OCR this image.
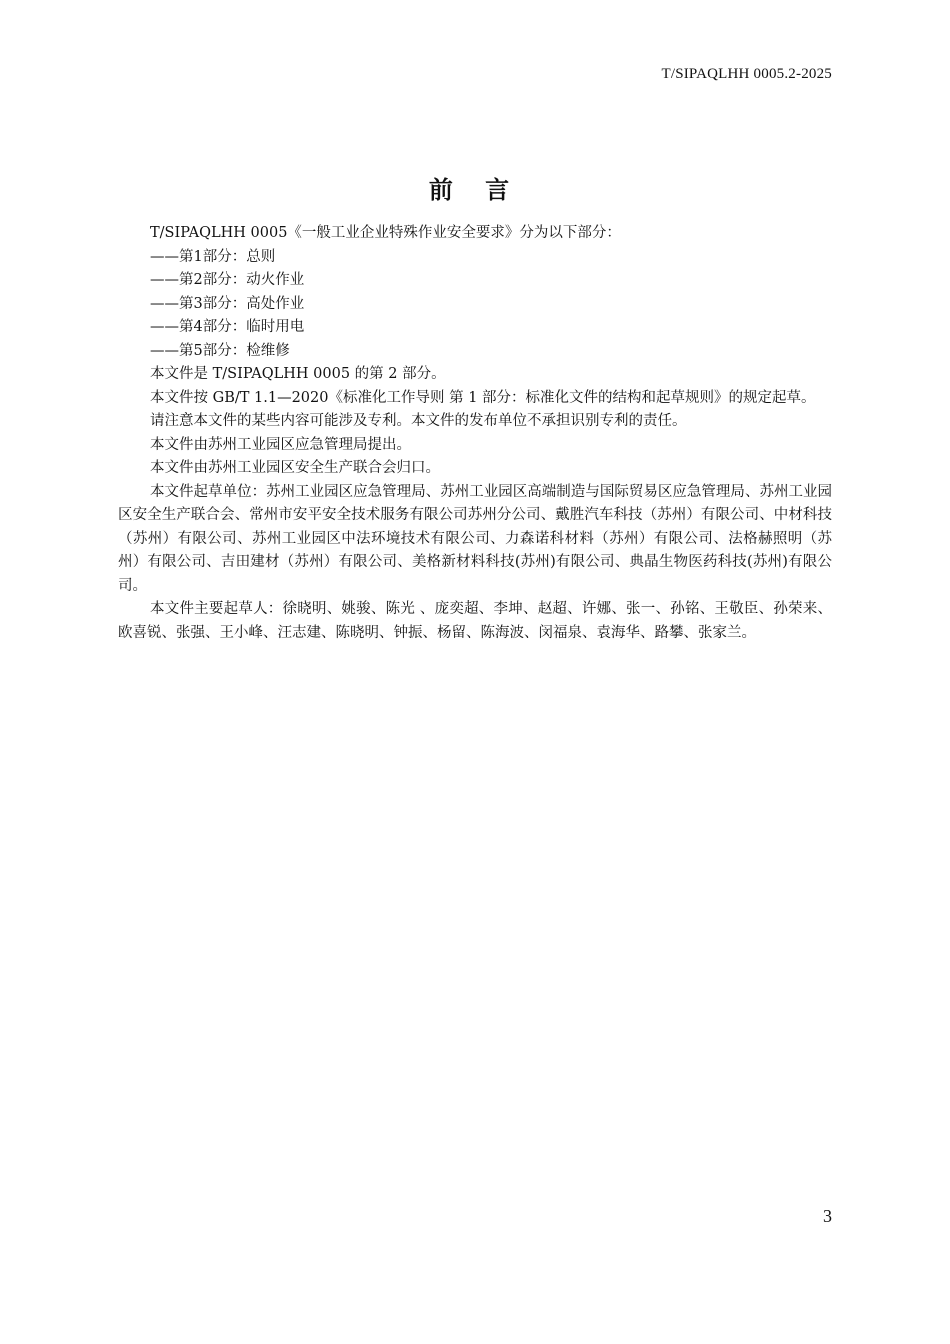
T/SIPAQLHH 0005.2-2025
前 言
T/SIPAQLHH 0005《一般工业企业特殊作业安全要求》分为以下部分：
——第1部分：总则
——第2部分：动火作业
——第3部分：高处作业
——第4部分：临时用电
——第5部分：检维修
本文件是 T/SIPAQLHH 0005 的第 2 部分。
本文件按 GB/T 1.1—2020《标准化工作导则 第 1 部分：标准化文件的结构和起草规则》的规定起草。
请注意本文件的某些内容可能涉及专利。本文件的发布单位不承担识别专利的责任。
本文件由苏州工业园区应急管理局提出。
本文件由苏州工业园区安全生产联合会归口。
本文件起草单位：苏州工业园区应急管理局、苏州工业园区高端制造与国际贸易区应急管理局、苏州工业园区安全生产联合会、常州市安平安全技术服务有限公司苏州分公司、戴胜汽车科技（苏州）有限公司、中材科技（苏州）有限公司、苏州工业园区中法环境技术有限公司、力森诺科材料（苏州）有限公司、法格赫照明（苏州）有限公司、吉田建材（苏州）有限公司、美格新材料科技(苏州)有限公司、典晶生物医药科技(苏州)有限公司。
本文件主要起草人：徐晓明、姚骏、陈光 、庞奕超、李坤、赵超、许娜、张一、孙铭、王敬臣、孙荣来、欧喜锐、张强、王小峰、汪志建、陈晓明、钟振、杨留、陈海波、闵福泉、袁海华、路攀、张家兰。
3
